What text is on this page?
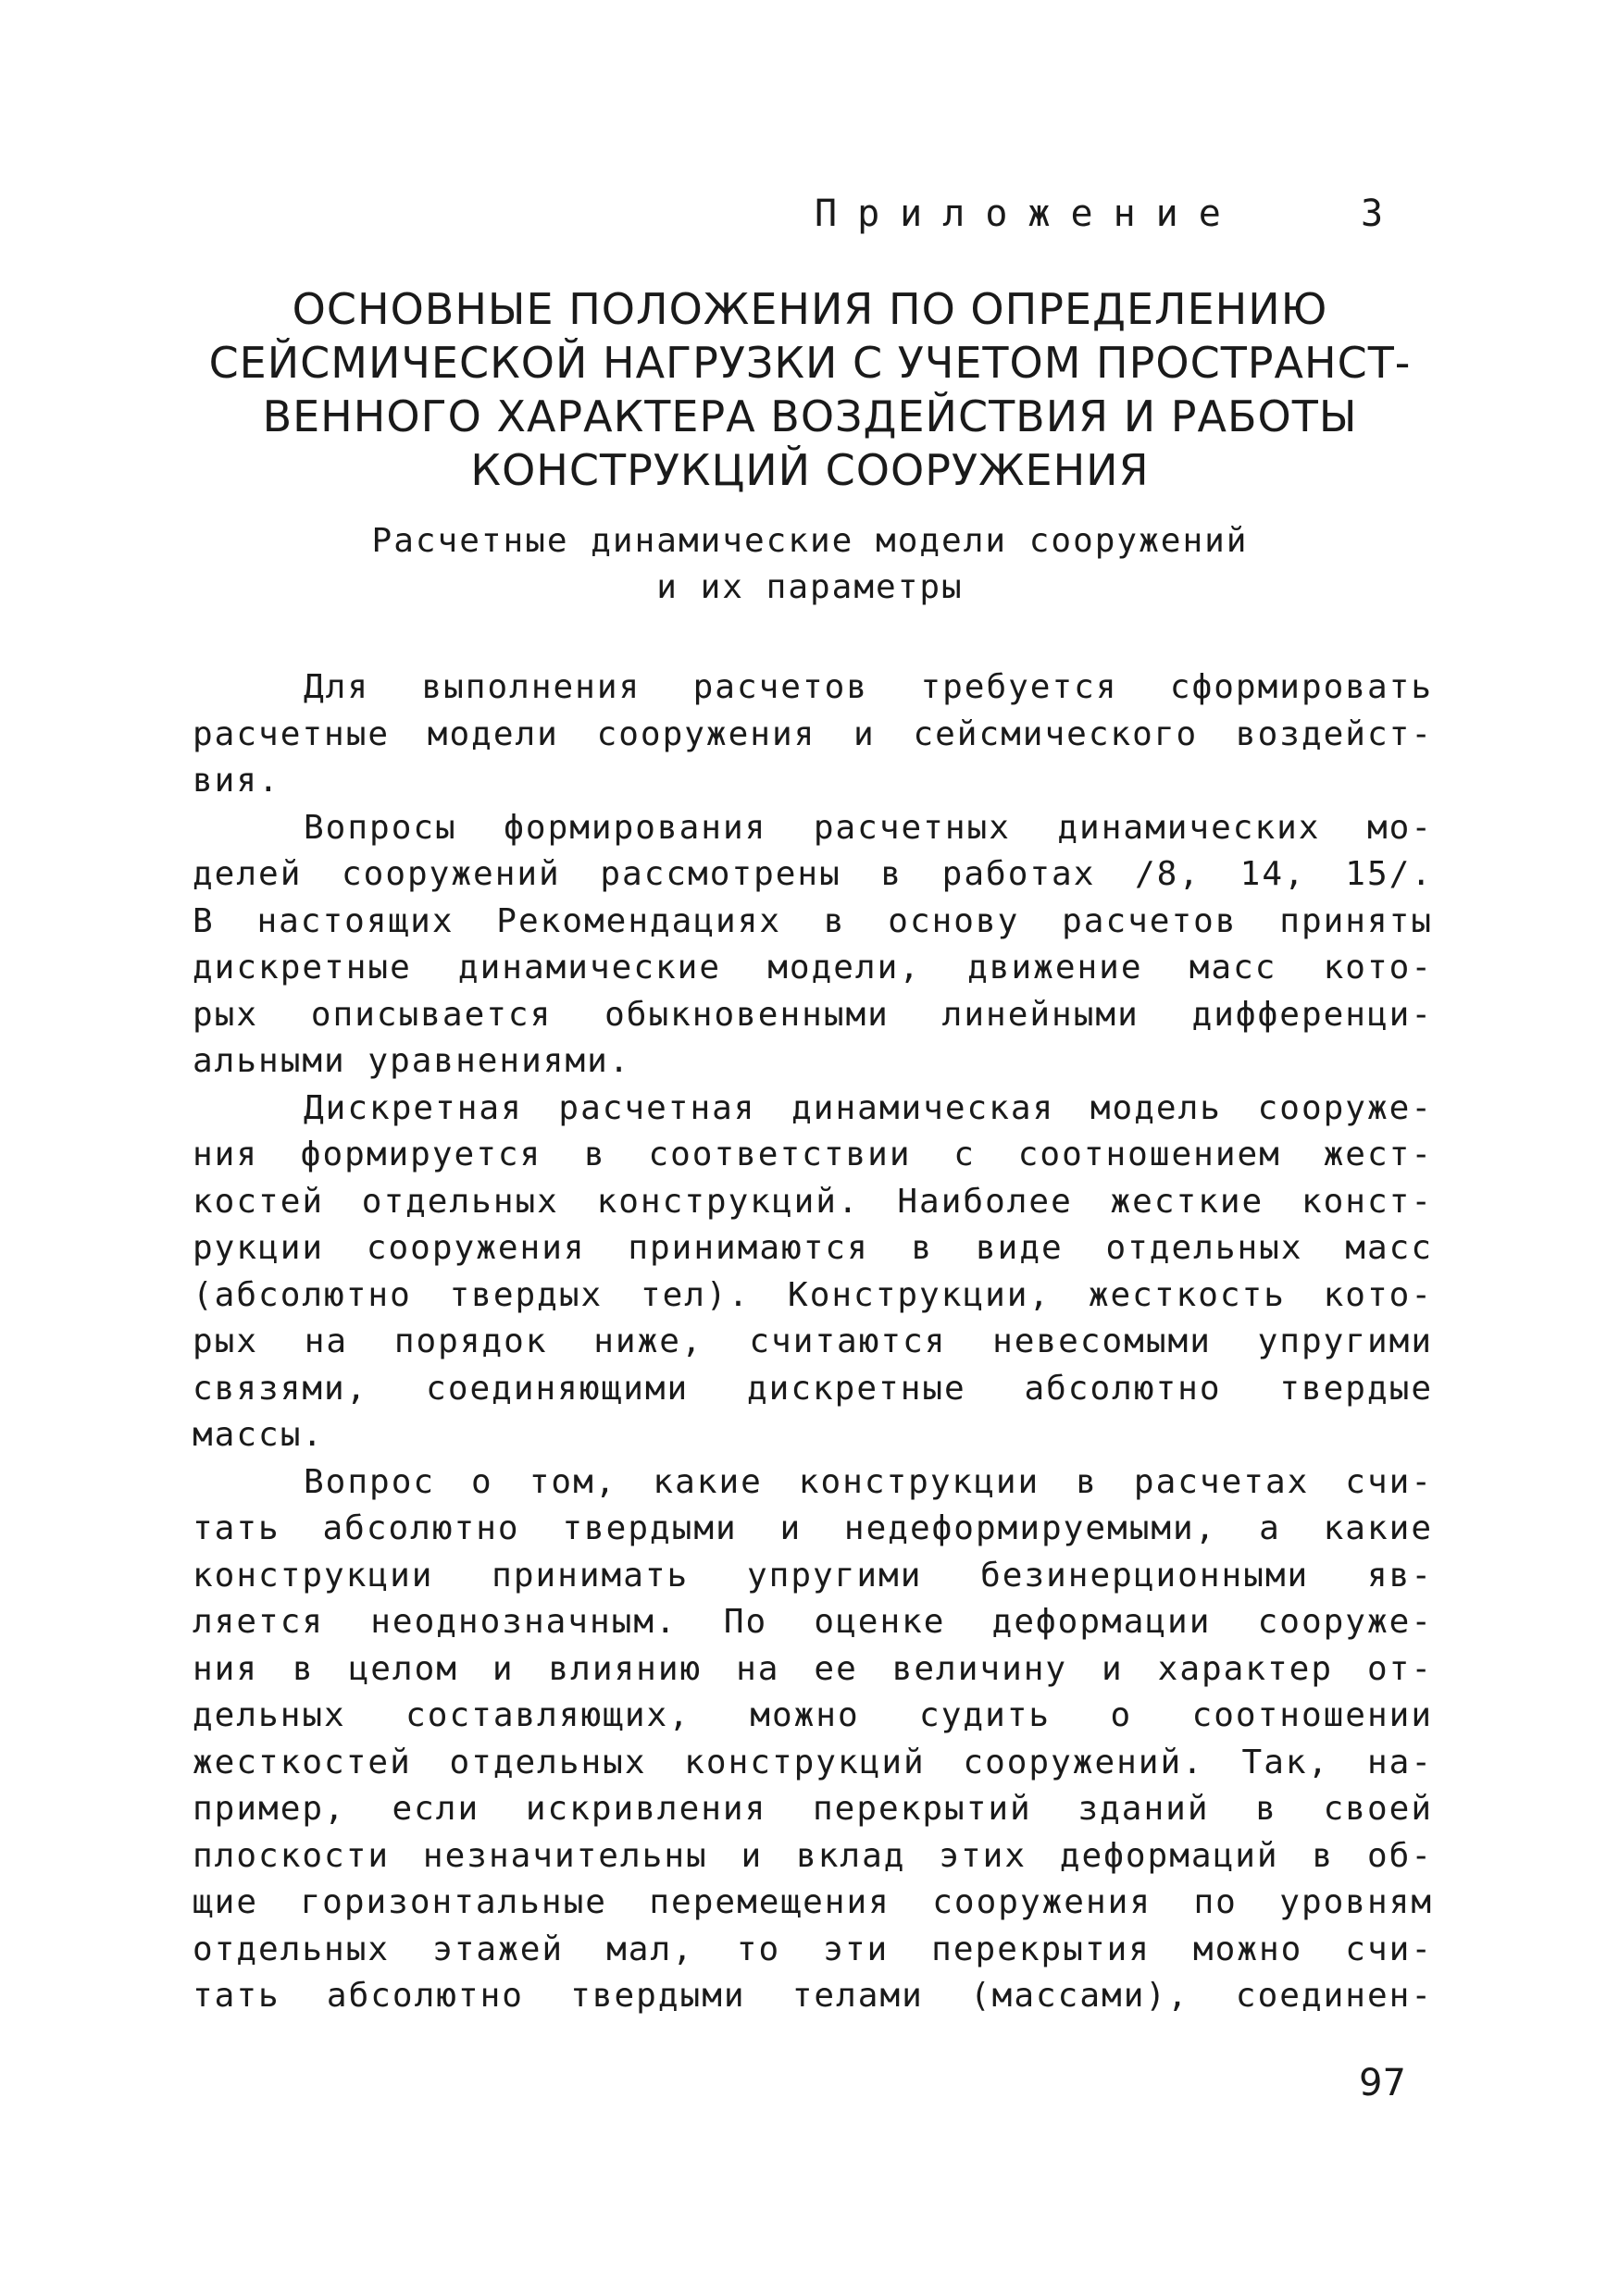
Приложение	3
ОСНОВНЫЕ ПОЛОЖЕНИЯ ПО ОПРЕДЕЛЕНИЮ
СЕЙСМИЧЕСКОЙ НАГРУЗКИ С УЧЕТОМ ПРОСТРАНСТ-
ВЕННОГО ХАРАКТЕРА ВОЗДЕЙСТВИЯ И РАБОТЫ
КОНСТРУКЦИЙ СООРУЖЕНИЯ
Расчетные динамические модели сооружений
и их параметры
Для выполнения расчетов требуется сформировать
расчетные модели сооружения и сейсмического воздейст-
вия.
Вопросы формирования расчетных динамических мо-
делей сооружений рассмотрены в работах /8, 14, 15/.
В настоящих Рекомендациях в основу расчетов приняты
дискретные динамические модели, движение масс кото-
рых описывается обыкновенными линейными дифференци-
альными уравнениями.
Дискретная расчетная динамическая модель сооруже-
ния формируется в соответствии с соотношением жест-
костей отдельных конструкций. Наиболее жесткие конст-
рукции сооружения принимаются в виде отдельных масс
(абсолютно твердых тел). Конструкции, жесткость кото-
рых на порядок ниже, считаются невесомыми упругими
связями, соединяющими дискретные абсолютно твердые
массы.
Вопрос о том, какие конструкции в расчетах счи-
тать абсолютно твердыми и недеформируемыми, а какие
конструкции принимать упругими безинерционными яв-
ляется неоднозначным. По оценке деформации сооруже-
ния в целом и влиянию на ее величину и характер от-
дельных составляющих, можно судить о соотношении
жесткостей отдельных конструкций сооружений. Так, на-
пример, если искривления перекрытий зданий в своей
плоскости незначительны и вклад этих деформаций в об-
щие горизонтальные перемещения сооружения по уровням
отдельных этажей мал, то эти перекрытия можно счи-
тать абсолютно твердыми телами (массами), соединен-
97
